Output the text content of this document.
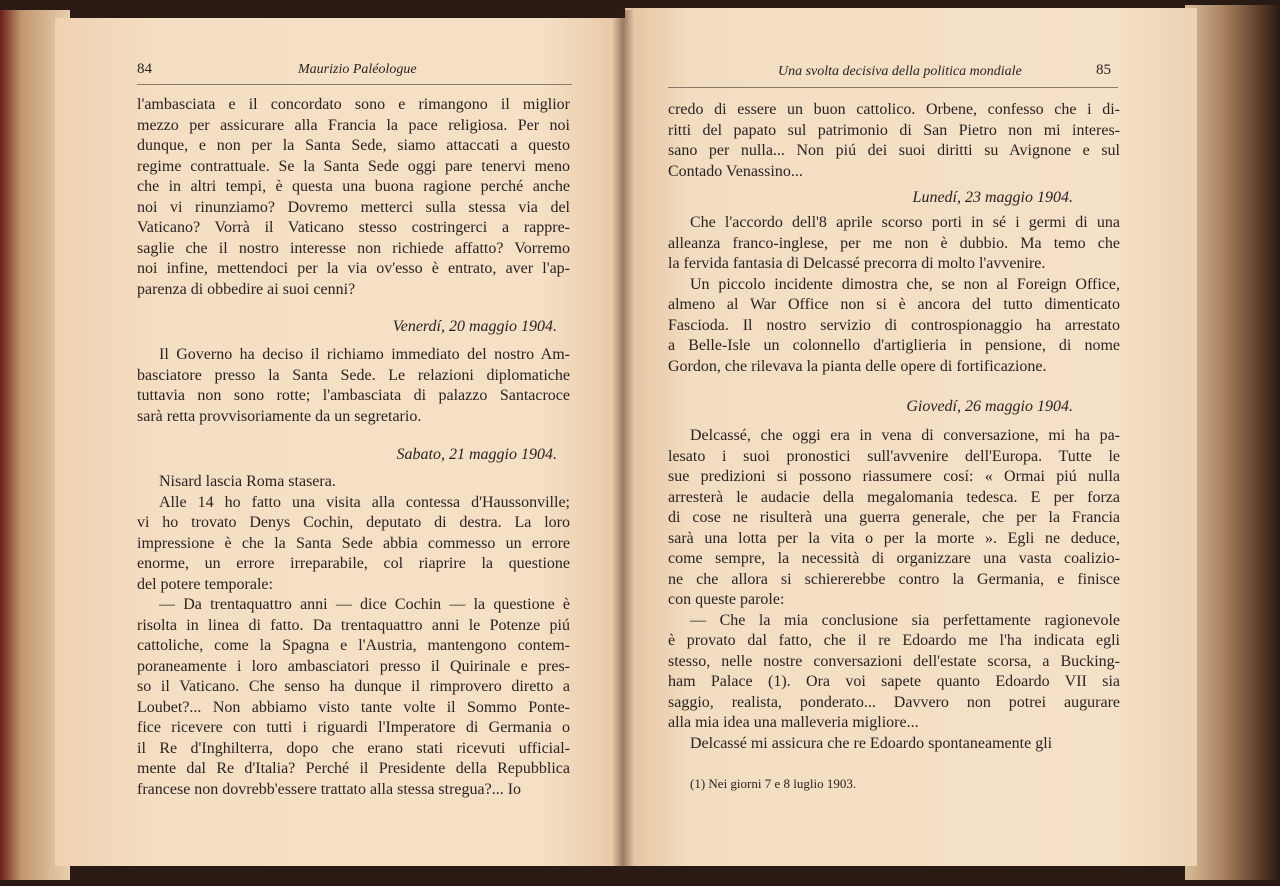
84	Maurizio Paléologue
l'ambasciata e il concordato sono e rimangono il miglior
mezzo per assicurare alla Francia la pace religiosa. Per noi
dunque, e non per la Santa Sede, siamo attaccati a questo
regime contrattuale. Se la Santa Sede oggi pare tenervi meno
che in altri tempi, è questa una buona ragione perché anche
noi vi rinunziamo? Dovremo metterci sulla stessa via del
Vaticano? Vorrà il Vaticano stesso costringerci a rappre-
saglie che il nostro interesse non richiede affatto? Vorremo
noi infine, mettendoci per la via ov'esso è entrato, aver l'ap-
parenza di obbedire ai suoi cenni?
Venerdí, 20 maggio 1904.
Il Governo ha deciso il richiamo immediato del nostro Am-
basciatore presso la Santa Sede. Le relazioni diplomatiche
tuttavia non sono rotte; l'ambasciata di palazzo Santacroce
sarà retta provvisoriamente da un segretario.
Sabato, 21 maggio 1904.
Nisard lascia Roma stasera.
Alle 14 ho fatto una visita alla contessa d'Haussonville;
vi ho trovato Denys Cochin, deputato di destra. La loro
impressione è che la Santa Sede abbia commesso un errore
enorme, un errore irreparabile, col riaprire la questione
del potere temporale:
— Da trentaquattro anni — dice Cochin — la questione è
risolta in linea di fatto. Da trentaquattro anni le Potenze piú
cattoliche, come la Spagna e l'Austria, mantengono contem-
poraneamente i loro ambasciatori presso il Quirinale e pres-
so il Vaticano. Che senso ha dunque il rimprovero diretto a
Loubet?... Non abbiamo visto tante volte il Sommo Ponte-
fice ricevere con tutti i riguardi l'Imperatore di Germania o
il Re d'Inghilterra, dopo che erano stati ricevuti ufficial-
mente dal Re d'Italia? Perché il Presidente della Repubblica
francese non dovrebb'essere trattato alla stessa stregua?... Io
Una svolta decisiva della politica mondiale	85
credo di essere un buon cattolico. Orbene, confesso che i di-
ritti del papato sul patrimonio di San Pietro non mi interes-
sano per nulla... Non piú dei suoi diritti su Avignone e sul
Contado Venassino...
Lunedí, 23 maggio 1904.
Che l'accordo dell'8 aprile scorso porti in sé i germi di una
alleanza franco-inglese, per me non è dubbio. Ma temo che
la fervida fantasia di Delcassé precorra di molto l'avvenire.
Un piccolo incidente dimostra che, se non al Foreign Office,
almeno al War Office non si è ancora del tutto dimenticato
Fascioda. Il nostro servizio di controspionaggio ha arrestato
a Belle-Isle un colonnello d'artiglieria in pensione, di nome
Gordon, che rilevava la pianta delle opere di fortificazione.
Giovedí, 26 maggio 1904.
Delcassé, che oggi era in vena di conversazione, mi ha pa-
lesato i suoi pronostici sull'avvenire dell'Europa. Tutte le
sue predizioni si possono riassumere cosí: « Ormai piú nulla
arresterà le audacie della megalomania tedesca. E per forza
di cose ne risulterà una guerra generale, che per la Francia
sarà una lotta per la vita o per la morte ». Egli ne deduce,
come sempre, la necessità di organizzare una vasta coalizio-
ne che allora si schiererebbe contro la Germania, e finisce
con queste parole:
— Che la mia conclusione sia perfettamente ragionevole
è provato dal fatto, che il re Edoardo me l'ha indicata egli
stesso, nelle nostre conversazioni dell'estate scorsa, a Bucking-
ham Palace (1). Ora voi sapete quanto Edoardo VII sia
saggio, realista, ponderato... Davvero non potrei augurare
alla mia idea una malleveria migliore...
Delcassé mi assicura che re Edoardo spontaneamente gli
(1) Nei giorni 7 e 8 luglio 1903.
